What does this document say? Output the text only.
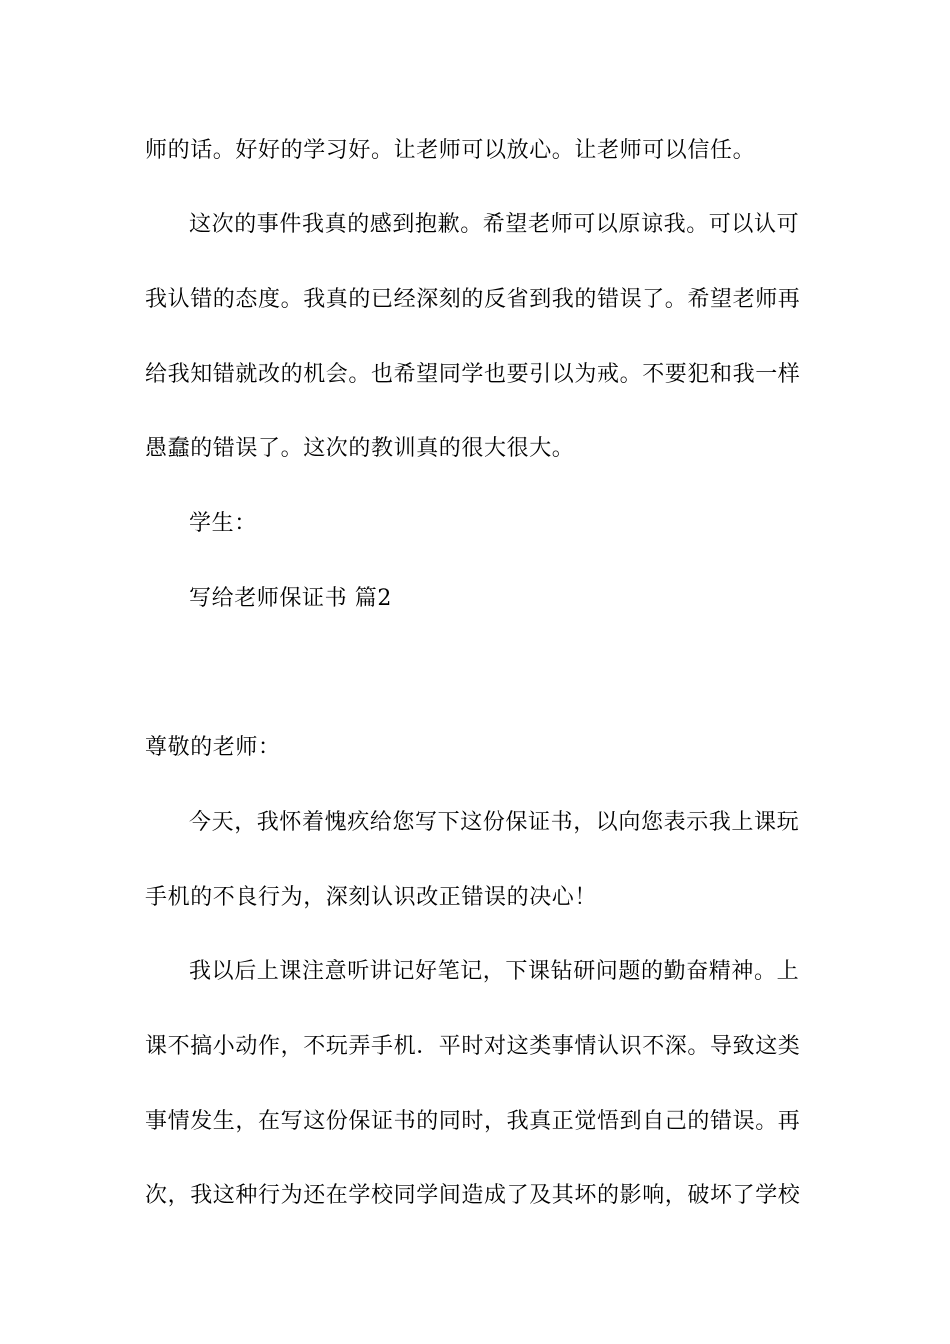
师的话。好好的学习好。让老师可以放心。让老师可以信任。
这次的事件我真的感到抱歉。希望老师可以原谅我。可以认可
我认错的态度。我真的已经深刻的反省到我的错误了。希望老师再
给我知错就改的机会。也希望同学也要引以为戒。不要犯和我一样
愚蠢的错误了。这次的教训真的很大很大。
学生：
写给老师保证书 篇2
尊敬的老师：
今天，我怀着愧疚给您写下这份保证书，以向您表示我上课玩
手机的不良行为，深刻认识改正错误的决心！
我以后上课注意听讲记好笔记，下课钻研问题的勤奋精神。上
课不搞小动作，不玩弄手机．平时对这类事情认识不深。导致这类
事情发生，在写这份保证书的同时，我真正觉悟到自己的错误。再
次，我这种行为还在学校同学间造成了及其坏的影响，破坏了学校
